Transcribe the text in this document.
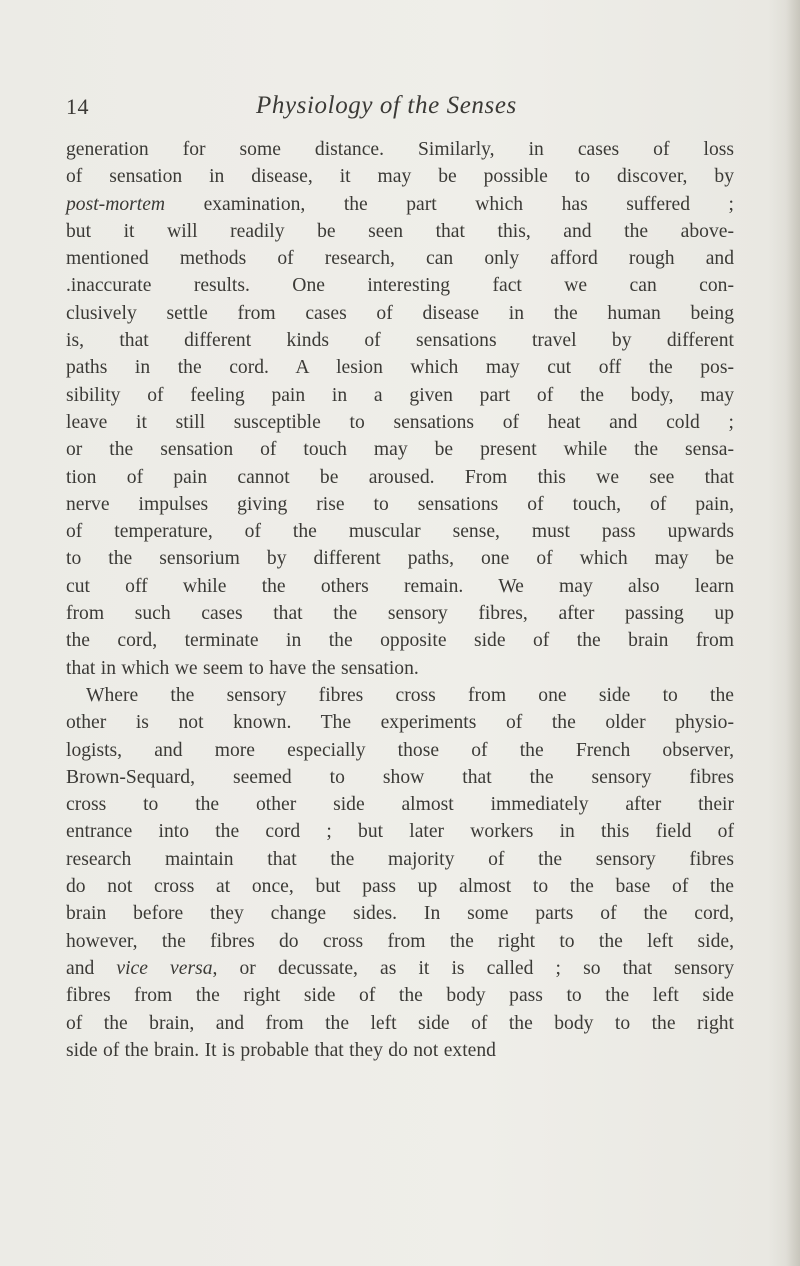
14	Physiology of the Senses
generation for some distance. Similarly, in cases of loss
of sensation in disease, it may be possible to discover, by
post-mortem examination, the part which has suffered ;
but it will readily be seen that this, and the above-
mentioned methods of research, can only afford rough and
.inaccurate results. One interesting fact we can con-
clusively settle from cases of disease in the human being
is, that different kinds of sensations travel by different
paths in the cord. A lesion which may cut off the pos-
sibility of feeling pain in a given part of the body, may
leave it still susceptible to sensations of heat and cold ;
or the sensation of touch may be present while the sensa-
tion of pain cannot be aroused. From this we see that
nerve impulses giving rise to sensations of touch, of pain,
of temperature, of the muscular sense, must pass upwards
to the sensorium by different paths, one of which may be
cut off while the others remain. We may also learn
from such cases that the sensory fibres, after passing up
the cord, terminate in the opposite side of the brain from
that in which we seem to have the sensation.
Where the sensory fibres cross from one side to the
other is not known. The experiments of the older physio-
logists, and more especially those of the French observer,
Brown-Sequard, seemed to show that the sensory fibres
cross to the other side almost immediately after their
entrance into the cord ; but later workers in this field of
research maintain that the majority of the sensory fibres
do not cross at once, but pass up almost to the base of the
brain before they change sides. In some parts of the cord,
however, the fibres do cross from the right to the left side,
and vice versa, or decussate, as it is called ; so that sensory
fibres from the right side of the body pass to the left side
of the brain, and from the left side of the body to the right
side of the brain. It is probable that they do not extend
